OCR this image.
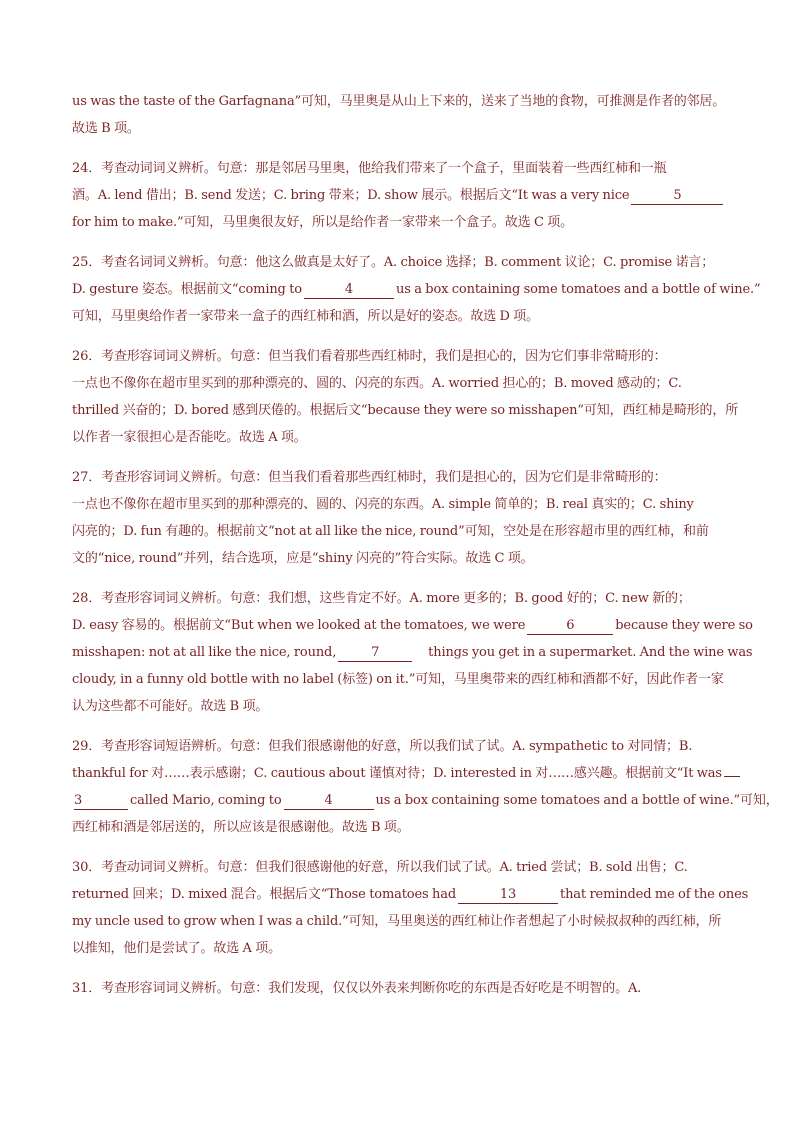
us was the taste of the Garfagnana”可知，马里奥是从山上下来的，送来了当地的食物，可推测是作者的邻居。
故选 B 项。
24．考查动词词义辨析。句意：那是邻居马里奥，他给我们带来了一个盒子，里面装着一些西红柿和一瓶
酒。A. lend 借出；B. send 发送；C. bring 带来；D. show 展示。根据后文“It was a very nice	5
for him to make.”可知，马里奥很友好，所以是给作者一家带来一个盒子。故选 C 项。
25．考查名词词义辨析。句意：他这么做真是太好了。A. choice 选择；B. comment 议论；C. promise 诺言；
D. gesture 姿态。根据前文“coming to	4	us a box containing some tomatoes and a bottle of wine.”
可知，马里奥给作者一家带来一盒子的西红柿和酒，所以是好的姿态。故选 D 项。
26．考查形容词词义辨析。句意：但当我们看着那些西红柿时，我们是担心的，因为它们事非常畸形的：
一点也不像你在超市里买到的那种漂亮的、圆的、闪亮的东西。A. worried 担心的；B. moved 感动的；C.
thrilled 兴奋的；D. bored 感到厌倦的。根据后文“because they were so misshapen”可知，西红柿是畸形的，所
以作者一家很担心是否能吃。故选 A 项。
27．考查形容词词义辨析。句意：但当我们看着那些西红柿时，我们是担心的，因为它们是非常畸形的：
一点也不像你在超市里买到的那种漂亮的、圆的、闪亮的东西。A. simple 简单的；B. real 真实的；C. shiny
闪亮的；D. fun 有趣的。根据前文“not at all like the nice, round”可知，空处是在形容超市里的西红柿，和前
文的“nice, round”并列，结合选项，应是“shiny 闪亮的”符合实际。故选 C 项。
28．考查形容词词义辨析。句意：我们想，这些肯定不好。A. more 更多的；B. good 好的；C. new 新的；
D. easy 容易的。根据前文“But when we looked at the tomatoes, we were	6	because they were so
misshapen: not at all like the nice, round,	7	things you get in a supermarket. And the wine was
cloudy, in a funny old bottle with no label (标签) on it.”可知，马里奥带来的西红柿和酒都不好，因此作者一家
认为这些都不可能好。故选 B 项。
29．考查形容词短语辨析。句意：但我们很感谢他的好意，所以我们试了试。A. sympathetic to 对同情；B.
thankful for 对……表示感谢；C. cautious about 谨慎对待；D. interested in 对……感兴趣。根据前文“It was
3	called Mario, coming to	4	us a box containing some tomatoes and a bottle of wine.”可知，
西红柿和酒是邻居送的，所以应该是很感谢他。故选 B 项。
30．考查动词词义辨析。句意：但我们很感谢他的好意，所以我们试了试。A. tried 尝试；B. sold 出售；C.
returned 回来；D. mixed 混合。根据后文“Those tomatoes had	13	that reminded me of the ones
my uncle used to grow when I was a child.”可知，马里奥送的西红柿让作者想起了小时候叔叔种的西红柿，所
以推知，他们是尝试了。故选 A 项。
31．考查形容词词义辨析。句意：我们发现，仅仅以外表来判断你吃的东西是否好吃是不明智的。A.
